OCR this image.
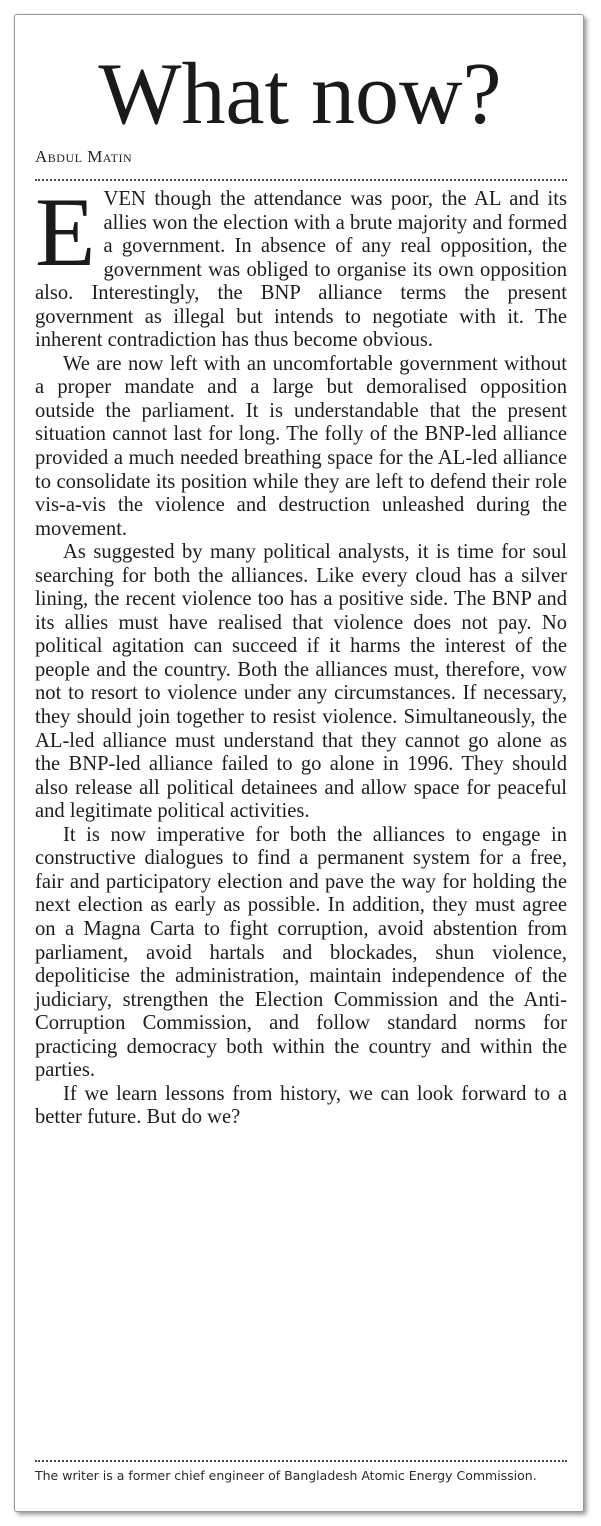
What now?
Abdul Matin

EVEN though the attendance was poor, the AL and its allies won the election with a brute majority and formed a government. In absence of any real opposition, the government was obliged to organise its own opposition also. Interestingly, the BNP alliance terms the present government as illegal but intends to negotiate with it. The inherent contradiction has thus become obvious.

We are now left with an uncomfortable government without a proper mandate and a large but demoralised opposition outside the parliament. It is understandable that the present situation cannot last for long. The folly of the BNP-led alliance provided a much needed breathing space for the AL-led alliance to consolidate its position while they are left to defend their role vis-a-vis the violence and destruction unleashed during the movement.

As suggested by many political analysts, it is time for soul searching for both the alliances. Like every cloud has a silver lining, the recent violence too has a positive side. The BNP and its allies must have realised that violence does not pay. No political agitation can succeed if it harms the interest of the people and the country. Both the alliances must, therefore, vow not to resort to violence under any circumstances. If necessary, they should join together to resist violence. Simultaneously, the AL-led alliance must understand that they cannot go alone as the BNP-led alliance failed to go alone in 1996. They should also release all political detainees and allow space for peaceful and legitimate political activities.

It is now imperative for both the alliances to engage in constructive dialogues to find a permanent system for a free, fair and participatory election and pave the way for holding the next election as early as possible. In addition, they must agree on a Magna Carta to fight corruption, avoid abstention from parliament, avoid hartals and blockades, shun violence, depoliticise the administration, maintain independence of the judiciary, strengthen the Election Commission and the Anti-Corruption Commission, and follow standard norms for practicing democracy both within the country and within the parties.

If we learn lessons from history, we can look forward to a better future. But do we?

The writer is a former chief engineer of Bangladesh Atomic Energy Commission.
